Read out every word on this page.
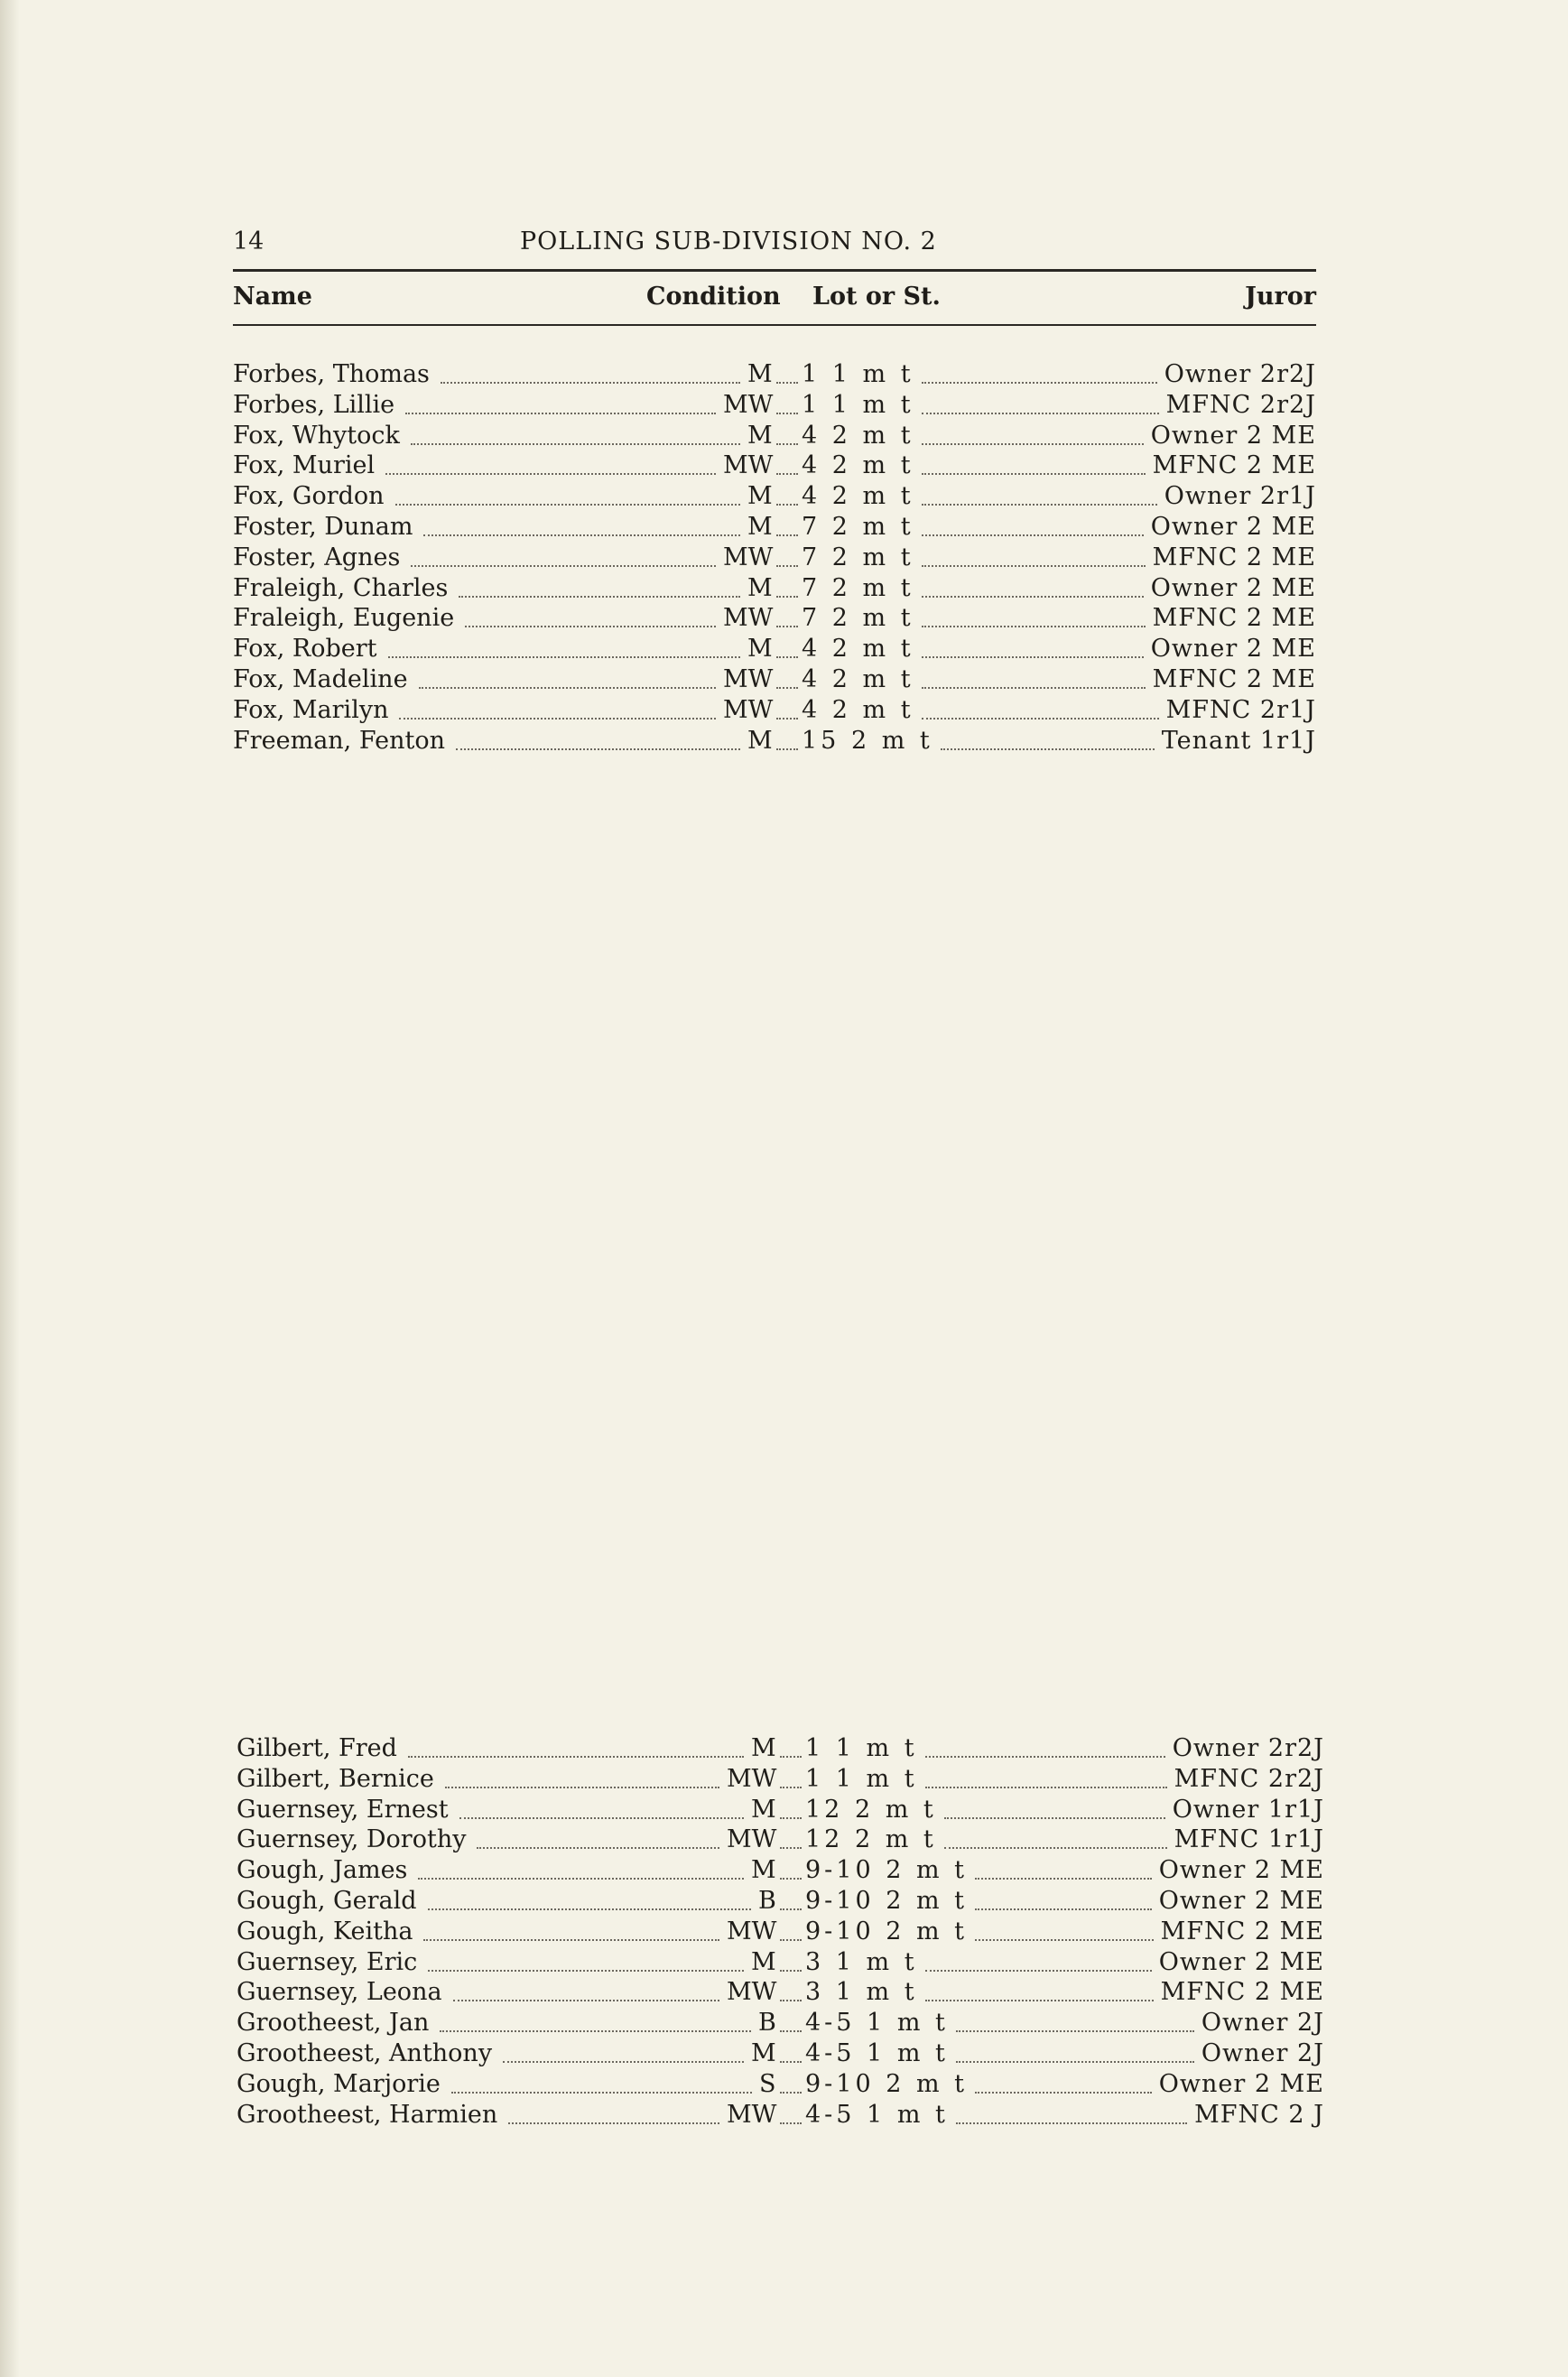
14	POLLING SUB-DIVISION NO. 2
Name	Condition Lot or St.	Juror
Forbes, Thomas	M 1 1 m t	Owner 2r2J
Forbes, Lillie	MW 1 1 m t	MFNC 2r2J
Fox, Whytock	M 4 2 m t	Owner 2 ME
Fox, Muriel	MW 4 2 m t	MFNC 2 ME
Fox, Gordon	M 4 2 m t	Owner 2r1J
Foster, Dunam	M 7 2 m t	Owner 2 ME
Foster, Agnes	MW 7 2 m t	MFNC 2 ME
Fraleigh, Charles	M 7 2 m t	Owner 2 ME
Fraleigh, Eugenie	MW 7 2 m t	MFNC 2 ME
Fox, Robert	M 4 2 m t	Owner 2 ME
Fox, Madeline	MW 4 2 m t	MFNC 2 ME
Fox, Marilyn	MW 4 2 m t	MFNC 2r1J
Freeman, Fenton	M 15 2 m t	Tenant 1r1J
Gilbert, Fred	M 1 1 m t	Owner 2r2J
Gilbert, Bernice	MW 1 1 m t	MFNC 2r2J
Guernsey, Ernest	M 12 2 m t	Owner 1r1J
Guernsey, Dorothy	MW 12 2 m t	MFNC 1r1J
Gough, James	M 9-10 2 m t	Owner 2 ME
Gough, Gerald	B 9-10 2 m t	Owner 2 ME
Gough, Keitha	MW 9-10 2 m t	MFNC 2 ME
Guernsey, Eric	M 3 1 m t	Owner 2 ME
Guernsey, Leona	MW 3 1 m t	MFNC 2 ME
Grootheest, Jan	B 4-5 1 m t	Owner 2J
Grootheest, Anthony	M 4-5 1 m t	Owner 2J
Gough, Marjorie	S 9-10 2 m t	Owner 2 ME
Grootheest, Harmien	MW 4-5 1 m t	MFNC 2 J
